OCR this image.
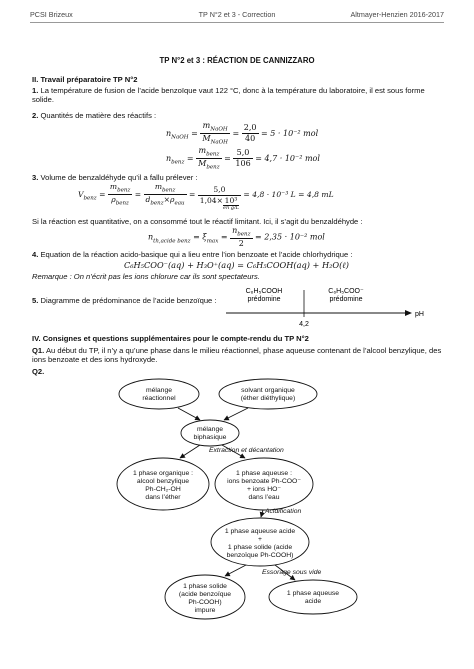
PCSI Brizeux	TP N°2 et 3 - Correction	Altmayer-Henzien 2016-2017
TP N°2 et 3 : RÉACTION DE CANNIZZARO
II. Travail préparatoire TP N°2
1. La température de fusion de l’acide benzoïque vaut 122 °C, donc à la température du laboratoire, il est sous forme solide.
2. Quantités de matière des réactifs :
$n_{NaOH} = \frac{m_{NaOH}}{M_{NaOH}} = \frac{2,0}{40} = 5 \cdot 10^{-2}$ mol
$n_{benz} = \frac{m_{benz}}{M_{benz}} = \frac{5,0}{106} = 4,7 \cdot 10^{-2}$ mol
3. Volume de benzaldéhyde qu’il a fallu prélever :
$V_{benz} = \frac{m_{benz}}{\rho_{benz}} = \frac{m_{benz}}{d_{benz}\times\rho_{eau}} = 5,0$
1,04× 10³
en g/L = 4,8 · 10⁻³ L = 4,8 mL
Si la réaction est quantitative, on a consommé tout le réactif limitant. Ici, il s’agit du benzaldéhyde :
$n_{th,acide benz} = \xi_{max} = \frac{n_{benz}}{2} = 2,35 \cdot 10^{-2}$ mol
4. Equation de la réaction acido-basique qui a lieu entre l’ion benzoate et l’acide chlorhydrique :
C₆H₅COO⁻(aq) + H₃O⁺(aq) = C₆H₅COOH(aq) + H₂O(ℓ)
Remarque : On n’écrit pas les ions chlorure car ils sont spectateurs.
5. Diagramme de prédominance de l’acide benzoïque :
C₆H₅COOH
prédomine
C₆H₅COO⁻
prédomine
4,2
pH
IV. Consignes et questions supplémentaires pour le compte-rendu du TP N°2
Q1. Au début du TP, il n’y a qu’une phase dans le milieu réactionnel, phase aqueuse contenant de l’alcool benzylique, des ions benzoate et des ions hydroxyde.
Q2.
mélange
réactionnel
solvant organique
(éther diéthylique)
mélange
biphasique
1 phase organique :
alcool benzylique
Ph-CH₂-OH
dans l’éther
1 phase aqueuse :
ions benzoate Ph-COO⁻
+ ions HO⁻
dans l’eau
1 phase aqueuse acide
+
1 phase solide (acide
benzoïque Ph-COOH)
1 phase solide
(acide benzoïque
Ph-COOH)
impure
1 phase aqueuse
acide
Extraction et décantation
Acidification
Essorage sous vide
